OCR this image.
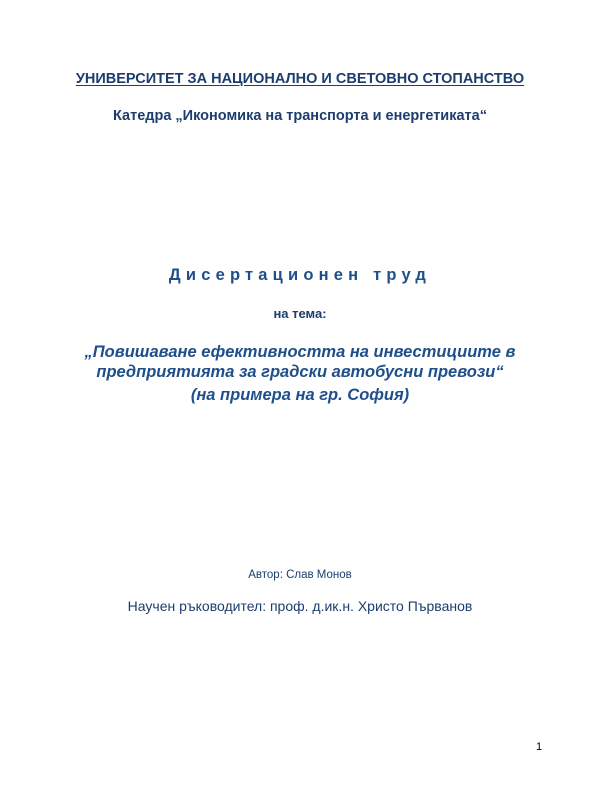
УНИВЕРСИТЕТ ЗА НАЦИОНАЛНО И СВЕТОВНО СТОПАНСТВО
Катедра „Икономика на транспорта и енергетиката“
Дисертационен труд
на тема:
„Повишаване ефективността на инвестициите в
предприятията за градски автобусни превози“
(на примера на гр. София)
Автор: Слав Монов
Научен ръководител: проф. д.ик.н. Христо Първанов
1
